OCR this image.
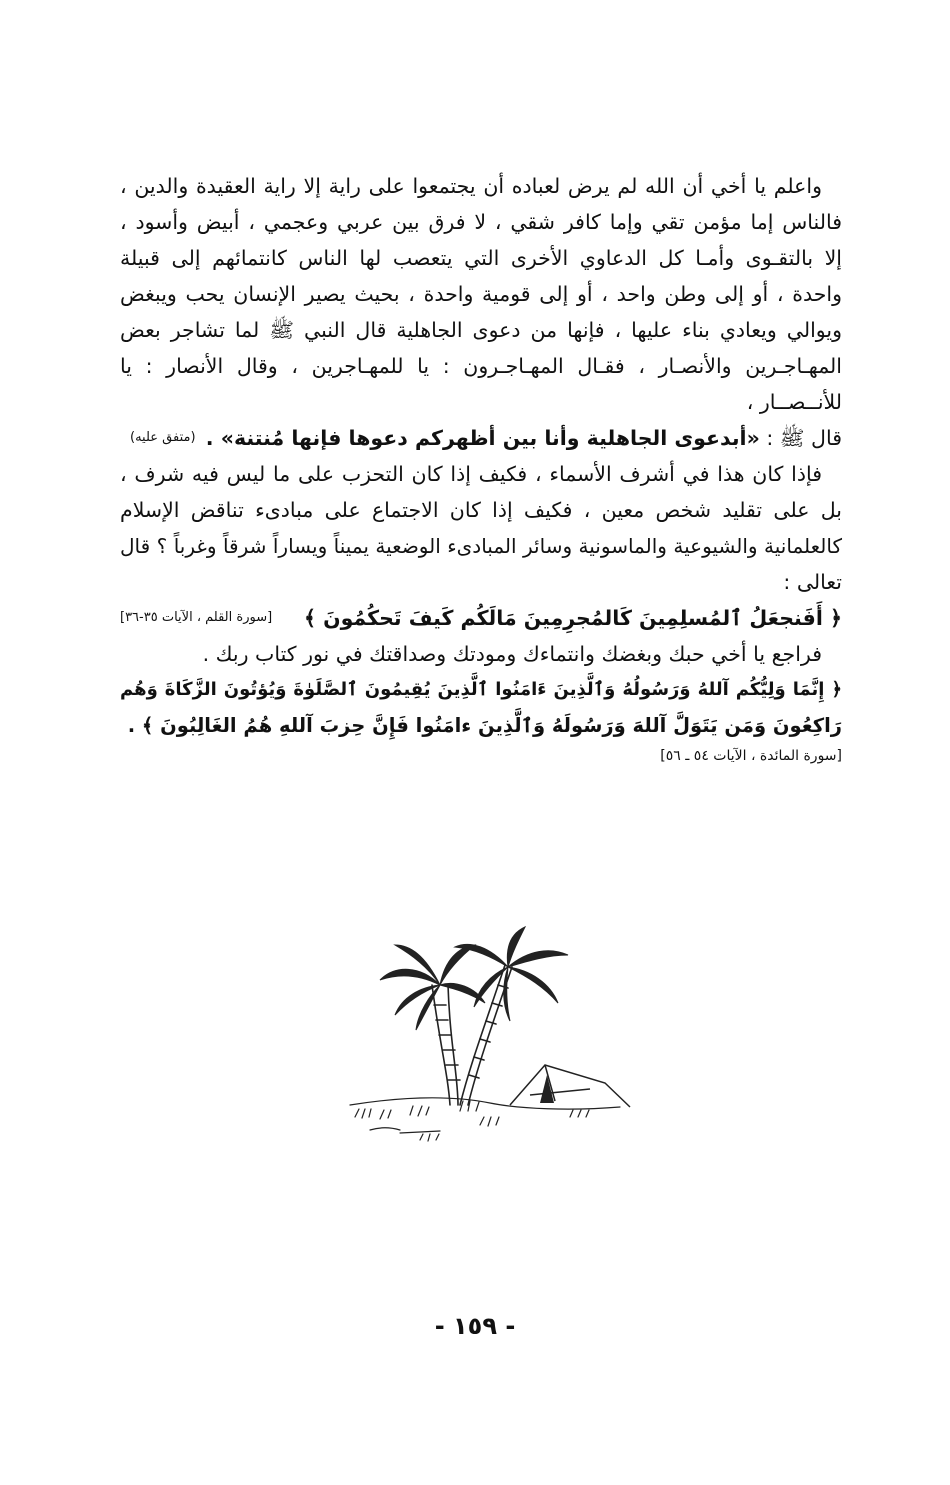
واعلم يا أخي أن الله لم يرض لعباده أن يجتمعوا على راية إلا راية العقيدة والدين ،
فالناس إما مؤمن تقي وإما كافر شقي ، لا فرق بين عربي وعجمي ، أبيض وأسود ،
إلا بالتقـوى وأمـا كل الدعاوي الأخرى التي يتعصب لها الناس كانتمائهم إلى قبيلة
واحدة ، أو إلى وطن واحد ، أو إلى قومية واحدة ، بحيث يصير الإنسان يحب ويبغض
ويوالي ويعادي بناء عليها ، فإنها من دعوى الجاهلية قال النبي ﷺ لما تشاجر بعض
المهـاجـرين والأنصـار ، فقـال المهـاجـرون : يا للمهـاجرين ، وقال الأنصار : يا
للأنــصــار ،
قال ﷺ : «أبدعوى الجاهلية وأنا بين أظهركم دعوها فإنها مُنتنة» .
(متفق عليه)
فإذا كان هذا في أشرف الأسماء ، فكيف إذا كان التحزب على ما ليس فيه شرف ،
بل على تقليد شخص معين ، فكيف إذا كان الاجتماع على مبادىء تناقض الإسلام
كالعلمانية والشيوعية والماسونية وسائر المبادىء الوضعية يميناً ويساراً شرقاً وغرباً ؟ قال
تعالى :
﴿ أَفَنجعَلُ ٱلمُسلِمِينَ كَالمُجرِمِينَ مَالَكُم كَيفَ تَحكُمُونَ ﴾
[سورة القلم ، الآيات ٣٥-٣٦]
فراجع يا أخي حبك وبغضك وانتماءك ومودتك وصداقتك في نور كتاب ربك .
﴿ إِنَّمَا وَلِيُّكُم آللهُ وَرَسُولُهُ وَٱلَّذِينَ ءَامَنُوا ٱلَّذِينَ يُقِيمُونَ ٱلصَّلَوٰةَ وَيُؤتُونَ الزَّكَاةَ وَهُم
رَاكِعُونَ وَمَن يَتَوَلَّ آللهَ وَرَسُولَهُ وَٱلَّذِينَ ءامَنُوا فَإِنَّ حِزبَ آللهِ هُمُ الغَالِبُونَ ﴾ .
[سورة المائدة ، الآيات ٥٤ ـ ٥٦]
- ١٥٩ -
